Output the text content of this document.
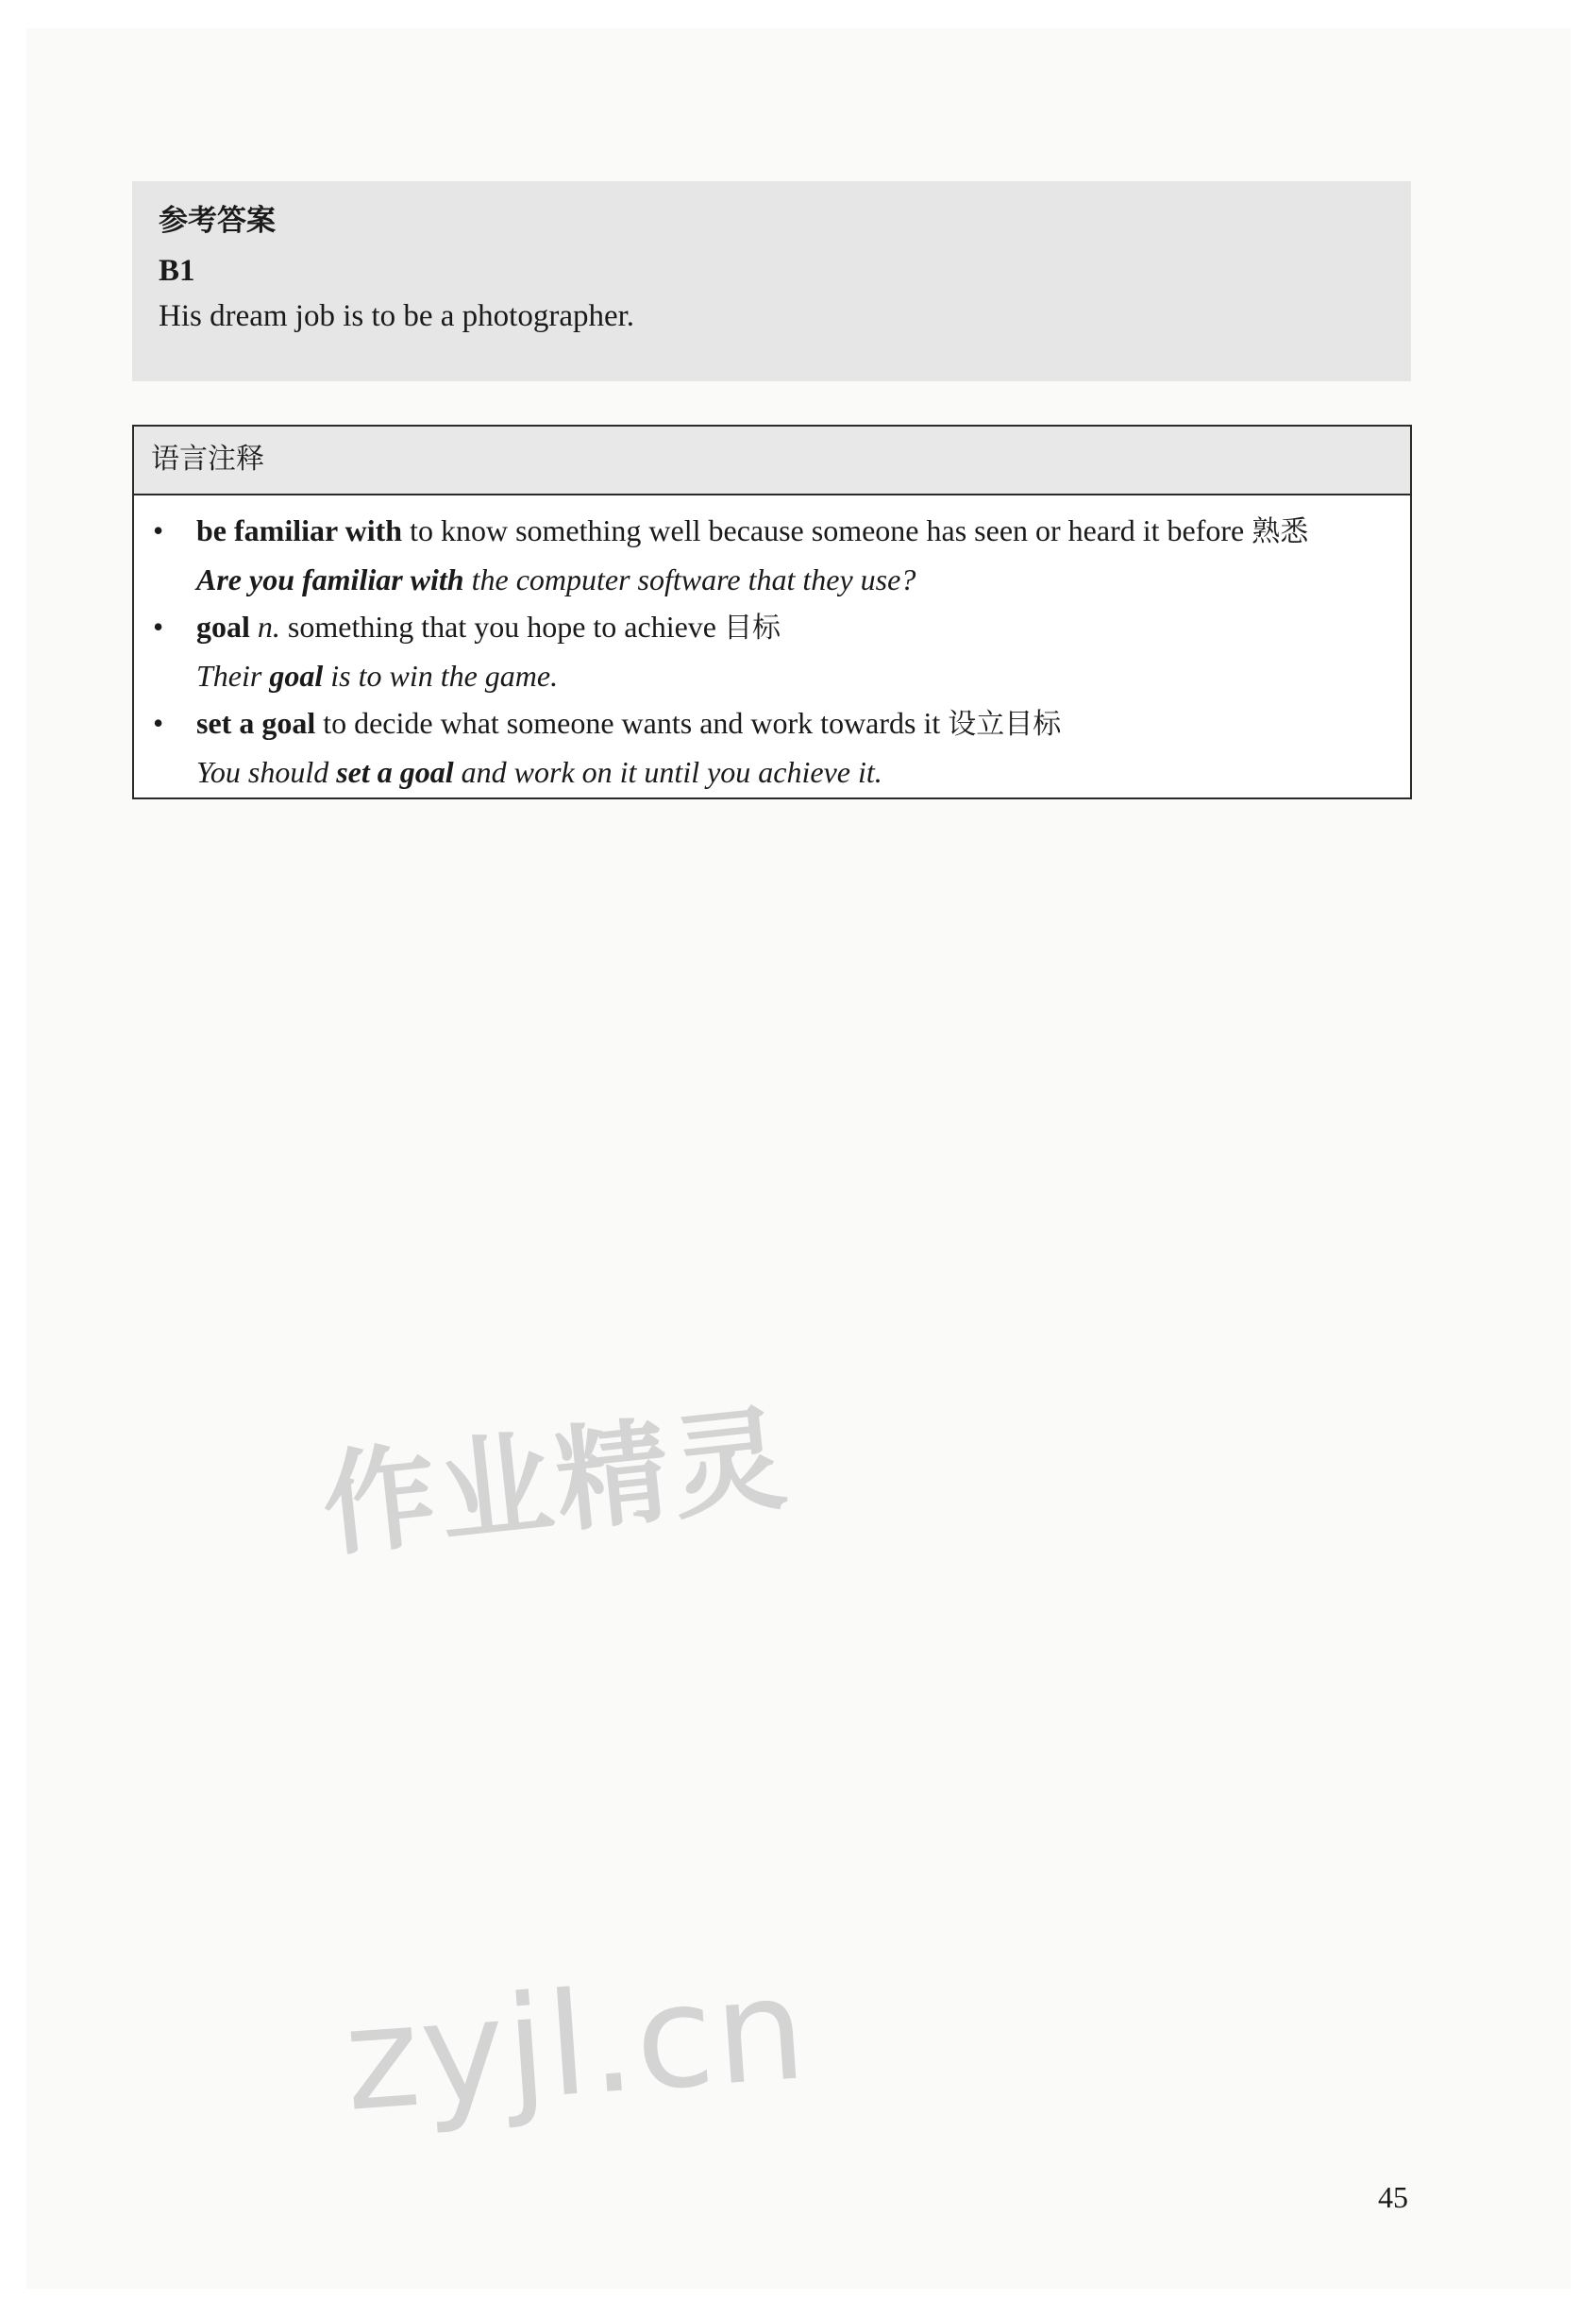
参考答案
B1
His dream job is to be a photographer.
语言注释
• be familiar with to know something well because someone has seen or heard it before 熟悉
Are you familiar with the computer software that they use?
• goal n. something that you hope to achieve 目标
Their goal is to win the game.
• set a goal to decide what someone wants and work towards it 设立目标
You should set a goal and work on it until you achieve it.
作业精灵
zyjl.cn
45
